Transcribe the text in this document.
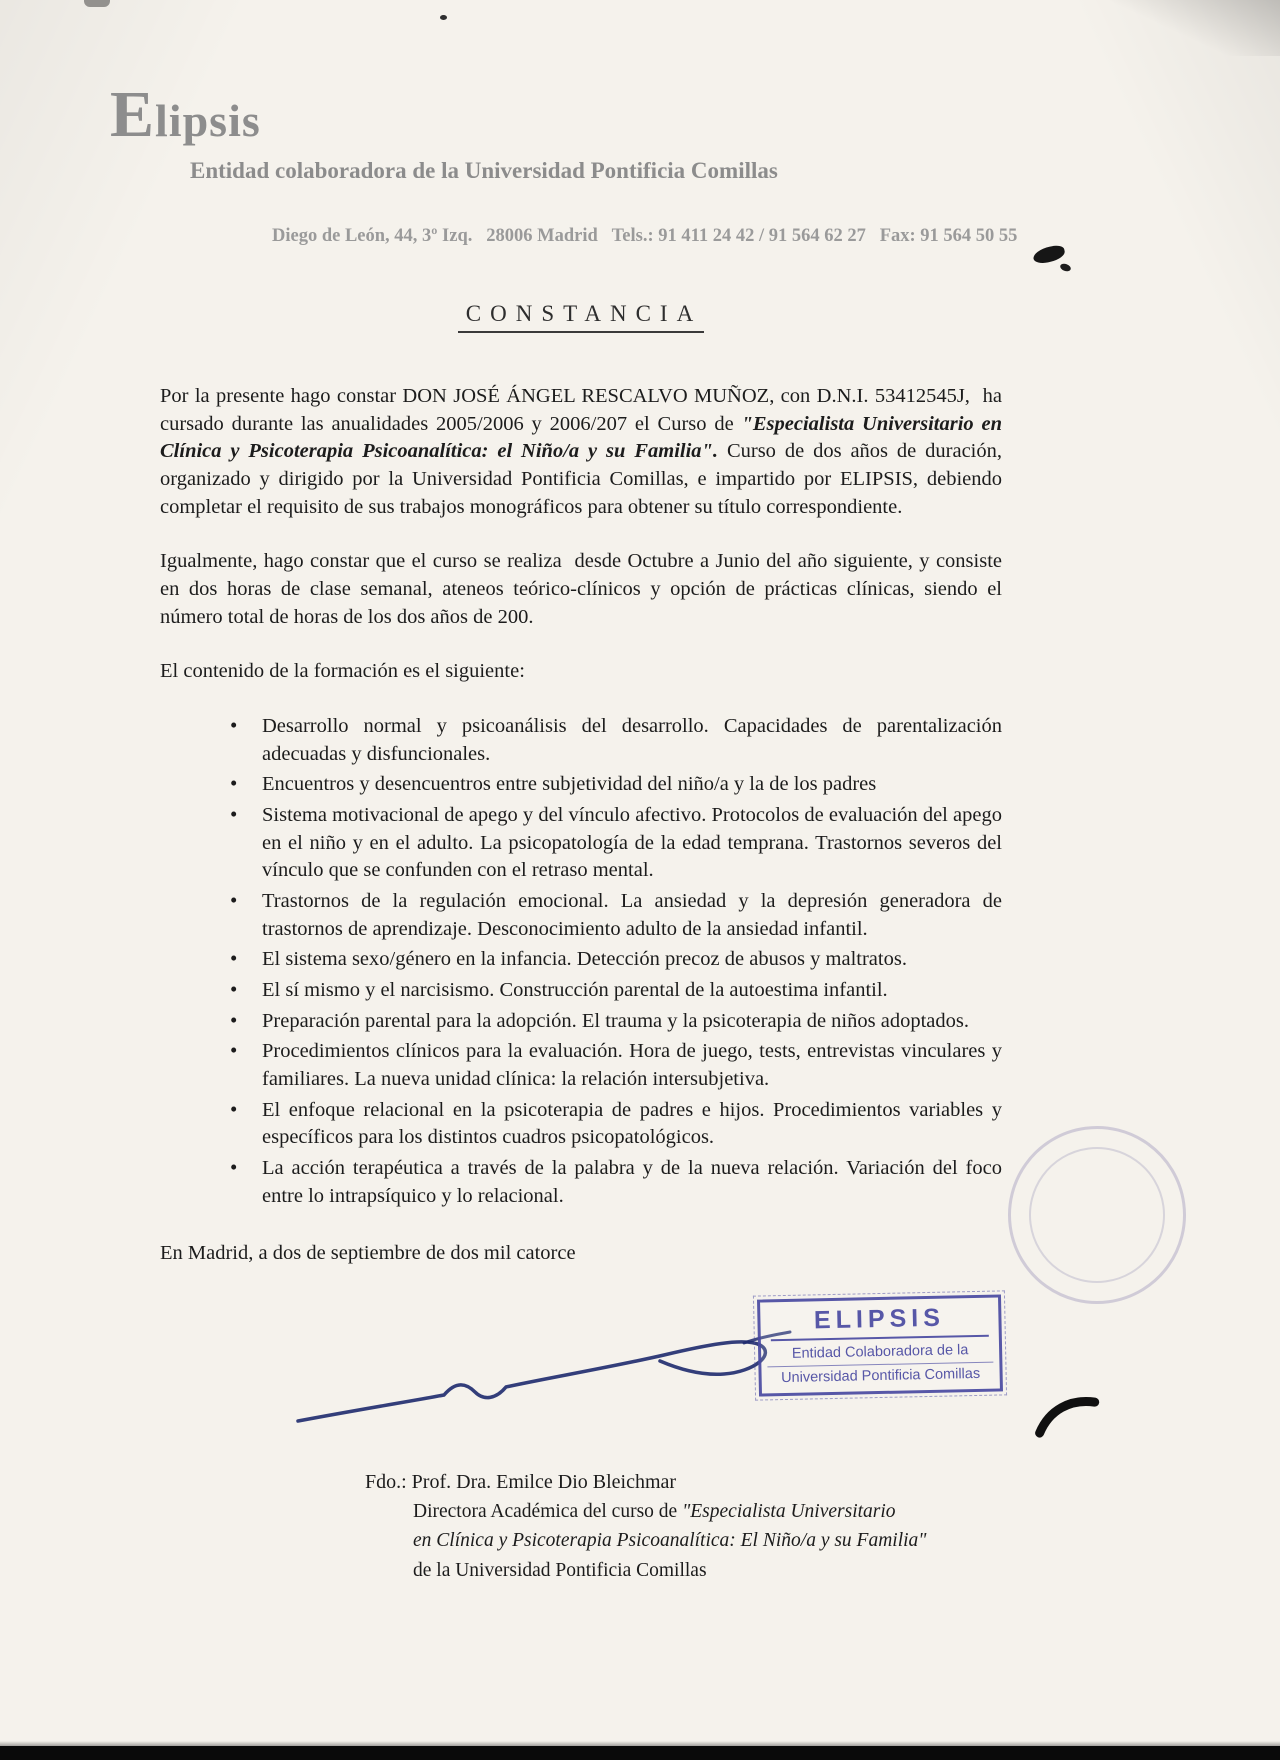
Elipsis
Entidad colaboradora de la Universidad Pontificia Comillas
Diego de León, 44, 3º Izq.   28006 Madrid   Tels.: 91 411 24 42 / 91 564 62 27   Fax: 91 564 50 55
CONSTANCIA

Por la presente hago constar DON JOSÉ ÁNGEL RESCALVO MUÑOZ, con D.N.I. 53412545J,  ha cursado durante las anualidades 2005/2006 y 2006/207 el Curso de "Especialista Universitario en Clínica y Psicoterapia Psicoanalítica: el Niño/a y su Familia". Curso de dos años de duración, organizado y dirigido por la Universidad Pontificia Comillas, e impartido por ELIPSIS, debiendo completar el requisito de sus trabajos monográficos para obtener su título correspondiente.

Igualmente, hago constar que el curso se realiza  desde Octubre a Junio del año siguiente, y consiste en dos horas de clase semanal, ateneos teórico-clínicos y opción de prácticas clínicas, siendo el número total de horas de los dos años de 200.

El contenido de la formación es el siguiente:

• Desarrollo normal y psicoanálisis del desarrollo. Capacidades de parentalización adecuadas y disfuncionales.
• Encuentros y desencuentros entre subjetividad del niño/a y la de los padres
• Sistema motivacional de apego y del vínculo afectivo. Protocolos de evaluación del apego en el niño y en el adulto. La psicopatología de la edad temprana. Trastornos severos del vínculo que se confunden con el retraso mental.
• Trastornos de la regulación emocional. La ansiedad y la depresión generadora de trastornos de aprendizaje. Desconocimiento adulto de la ansiedad infantil.
• El sistema sexo/género en la infancia. Detección precoz de abusos y maltratos.
• El sí mismo y el narcisismo. Construcción parental de la autoestima infantil.
• Preparación parental para la adopción. El trauma y la psicoterapia de niños adoptados.
• Procedimientos clínicos para la evaluación. Hora de juego, tests, entrevistas vinculares y familiares. La nueva unidad clínica: la relación intersubjetiva.
• El enfoque relacional en la psicoterapia de padres e hijos. Procedimientos variables y específicos para los distintos cuadros psicopatológicos.
• La acción terapéutica a través de la palabra y de la nueva relación. Variación del foco entre lo intrapsíquico y lo relacional.

En Madrid, a dos de septiembre de dos mil catorce

ELIPSIS
Entidad Colaboradora de la
Universidad Pontificia Comillas
Fdo.: Prof. Dra. Emilce Dio Bleichmar
Directora Académica del curso de "Especialista Universitario
en Clínica y Psicoterapia Psicoanalítica: El Niño/a y su Familia"
de la Universidad Pontificia Comillas
